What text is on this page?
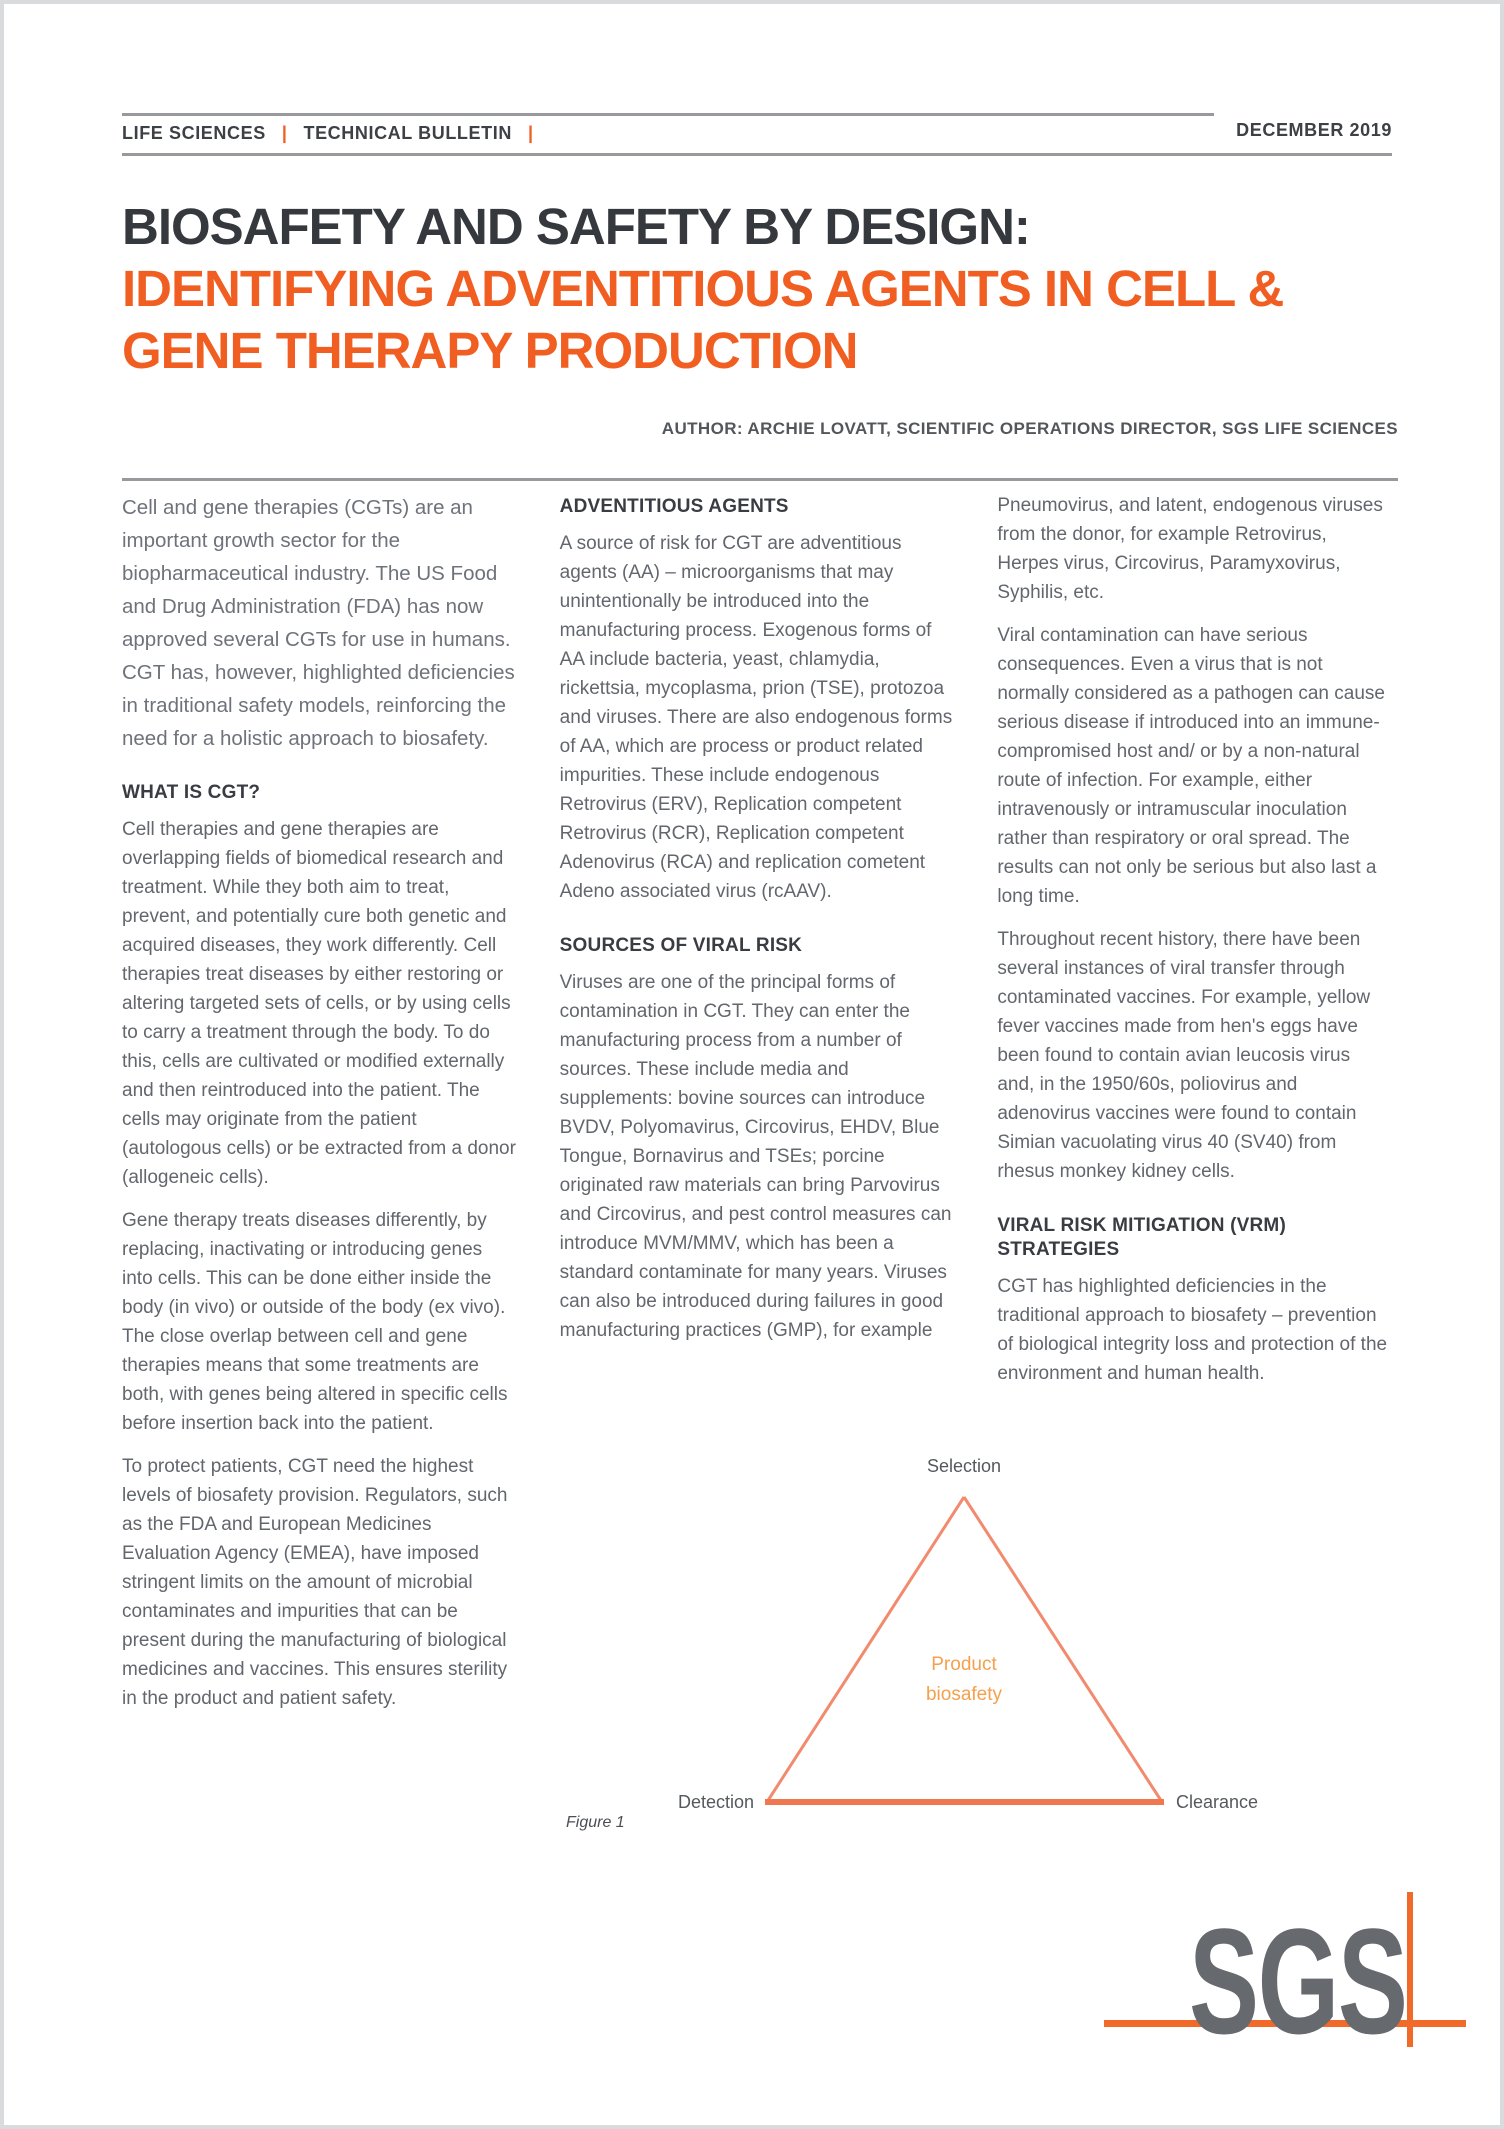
LIFE SCIENCES | TECHNICAL BULLETIN |	DECEMBER 2019
BIOSAFETY AND SAFETY BY DESIGN:
IDENTIFYING ADVENTITIOUS AGENTS IN CELL &
GENE THERAPY PRODUCTION
AUTHOR: ARCHIE LOVATT, SCIENTIFIC OPERATIONS DIRECTOR, SGS LIFE SCIENCES

Cell and gene therapies (CGTs) are an important growth sector for the biopharmaceutical industry. The US Food and Drug Administration (FDA) has now approved several CGTs for use in humans. CGT has, however, highlighted deficiencies in traditional safety models, reinforcing the need for a holistic approach to biosafety.

WHAT IS CGT?

Cell therapies and gene therapies are overlapping fields of biomedical research and treatment. While they both aim to treat, prevent, and potentially cure both genetic and acquired diseases, they work differently. Cell therapies treat diseases by either restoring or altering targeted sets of cells, or by using cells to carry a treatment through the body. To do this, cells are cultivated or modified externally and then reintroduced into the patient. The cells may originate from the patient (autologous cells) or be extracted from a donor (allogeneic cells).

Gene therapy treats diseases differently, by replacing, inactivating or introducing genes into cells. This can be done either inside the body (in vivo) or outside of the body (ex vivo). The close overlap between cell and gene therapies means that some treatments are both, with genes being altered in specific cells before insertion back into the patient.

To protect patients, CGT need the highest levels of biosafety provision. Regulators, such as the FDA and European Medicines Evaluation Agency (EMEA), have imposed stringent limits on the amount of microbial contaminates and impurities that can be present during the manufacturing of biological medicines and vaccines. This ensures sterility in the product and patient safety.

ADVENTITIOUS AGENTS

A source of risk for CGT are adventitious agents (AA) – microorganisms that may unintentionally be introduced into the manufacturing process. Exogenous forms of AA include bacteria, yeast, chlamydia, rickettsia, mycoplasma, prion (TSE), protozoa and viruses. There are also endogenous forms of AA, which are process or product related impurities. These include endogenous Retrovirus (ERV), Replication competent Retrovirus (RCR), Replication competent Adenovirus (RCA) and replication cometent Adeno associated virus (rcAAV).

SOURCES OF VIRAL RISK

Viruses are one of the principal forms of contamination in CGT. They can enter the manufacturing process from a number of sources. These include media and supplements: bovine sources can introduce BVDV, Polyomavirus, Circovirus, EHDV, Blue Tongue, Bornavirus and TSEs; porcine originated raw materials can bring Parvovirus and Circovirus, and pest control measures can introduce MVM/MMV, which has been a standard contaminate for many years. Viruses can also be introduced during failures in good manufacturing practices (GMP), for example

Pneumovirus, and latent, endogenous viruses from the donor, for example Retrovirus, Herpes virus, Circovirus, Paramyxovirus, Syphilis, etc.

Viral contamination can have serious consequences. Even a virus that is not normally considered as a pathogen can cause serious disease if introduced into an immune-compromised host and/ or by a non-natural route of infection. For example, either intravenously or intramuscular inoculation rather than respiratory or oral spread. The results can not only be serious but also last a long time.

Throughout recent history, there have been several instances of viral transfer through contaminated vaccines. For example, yellow fever vaccines made from hen's eggs have been found to contain avian leucosis virus and, in the 1950/60s, poliovirus and adenovirus vaccines were found to contain Simian vacuolating virus 40 (SV40) from rhesus monkey kidney cells.

VIRAL RISK MITIGATION (VRM) STRATEGIES

CGT has highlighted deficiencies in the traditional approach to biosafety – prevention of biological integrity loss and protection of the environment and human health.

Selection
Detection	Clearance
Product
biosafety
Figure 1
SGS
